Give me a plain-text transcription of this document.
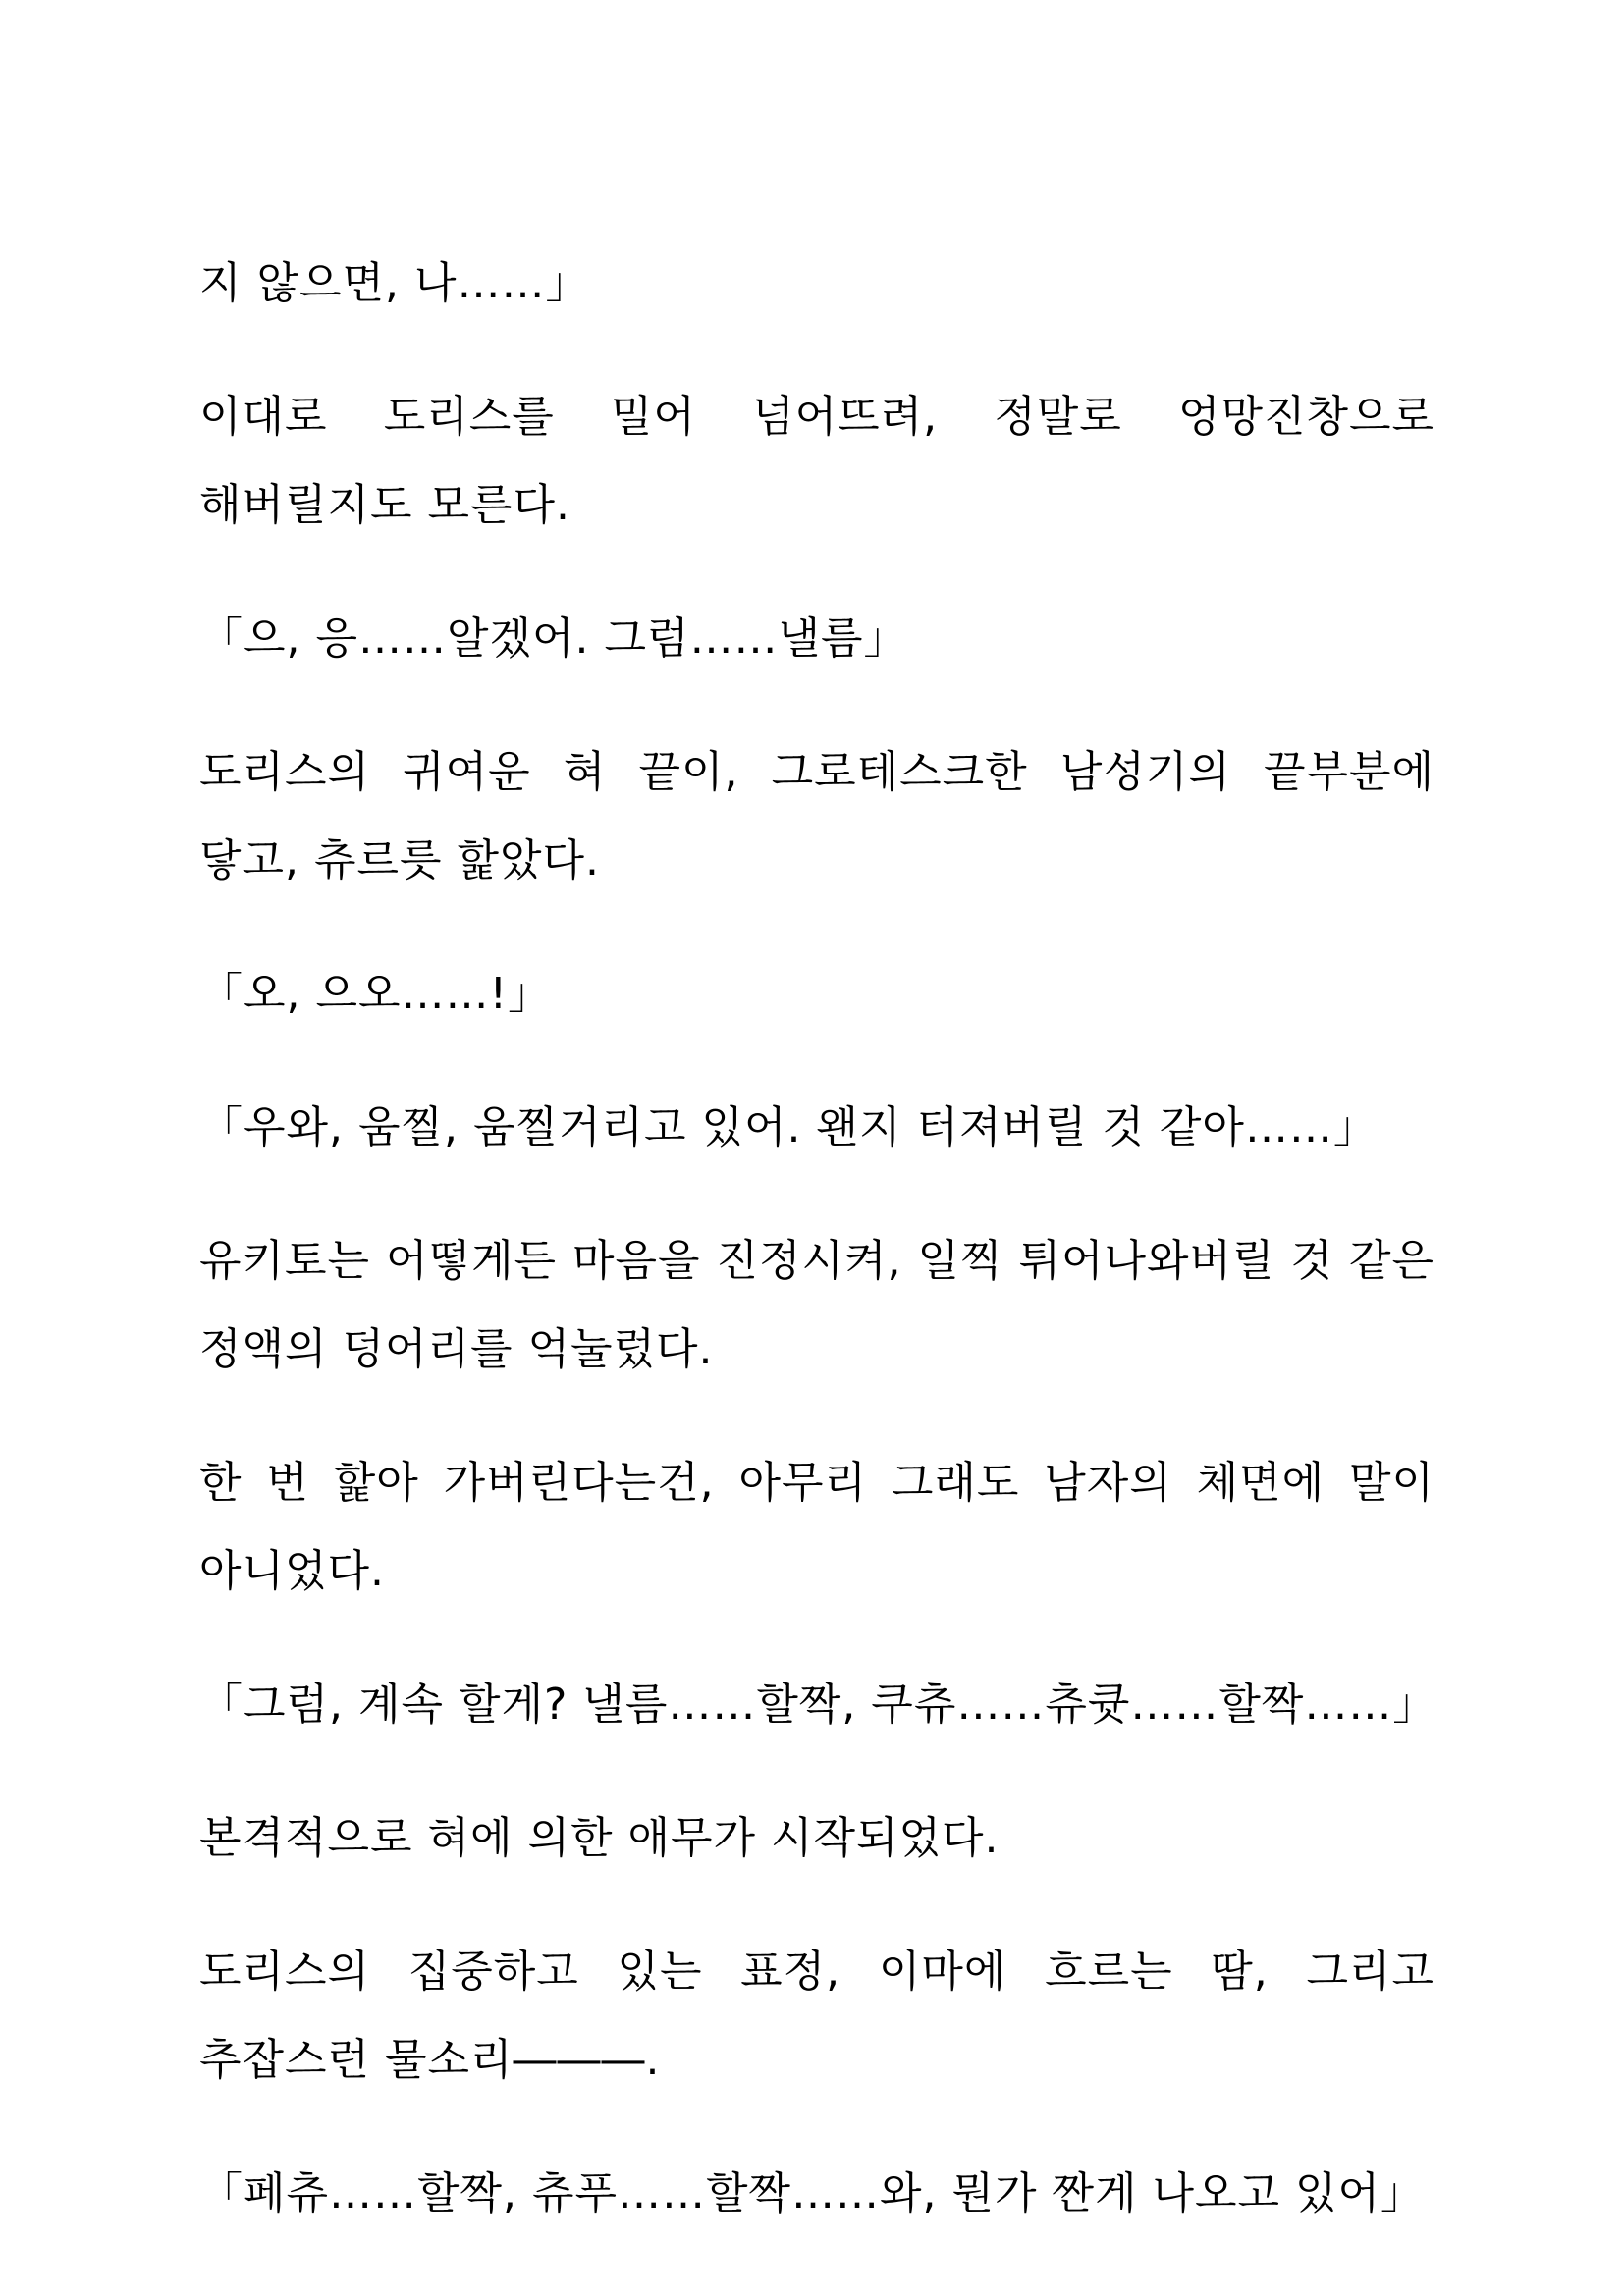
지 않으면, 나……」

이대로 도리스를 밀어 넘어뜨려, 정말로 엉망진창으로 해버릴지도 모른다.

「으, 응……알겠어. 그럼……낼름」

도리스의 귀여운 혀 끝이, 그로테스크한 남성기의 끝부분에 닿고, 츄르릇 핥았다.

「오, 으오……!」

「우와, 움찔, 움찔거리고 있어. 왠지 터져버릴 것 같아……」

유키토는 어떻게든 마음을 진정시켜, 일찍 튀어나와버릴 것 같은 정액의 덩어리를 억눌렀다.

한 번 핥아 가버린다는건, 아무리 그래도 남자의 체면에 말이 아니었다.

「그럼, 계속 할게? 낼름……할짝, 쿠츄……츄큣……할짝……」

본격적으로 혀에 의한 애무가 시작되었다.

도리스의 집중하고 있는 표정, 이마에 흐르는 땀, 그리고 추잡스런 물소리―――.

「페츄……할짝, 츄푸……할짝……와, 뭔가 짠게 나오고 있어」
